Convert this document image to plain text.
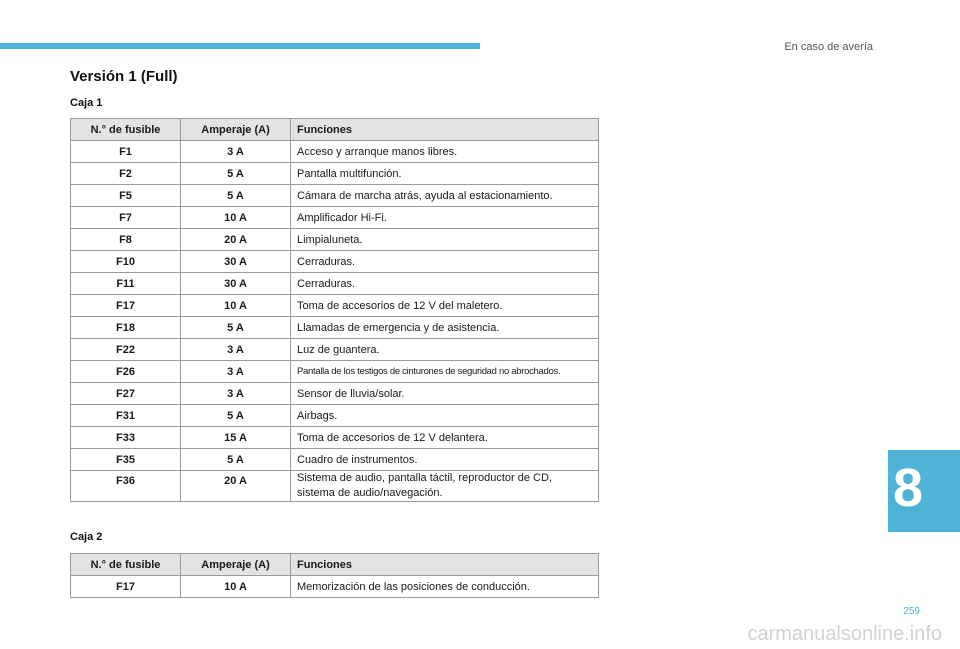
En caso de avería
Versión 1 (Full)
Caja 1
N.° de fusible	Amperaje (A)	Funciones
F1	3 A	Acceso y arranque manos libres.
F2	5 A	Pantalla multifunción.
F5	5 A	Cámara de marcha atrás, ayuda al estacionamiento.
F7	10 A	Amplificador Hi-Fi.
F8	20 A	Limpialuneta.
F10	30 A	Cerraduras.
F11	30 A	Cerraduras.
F17	10 A	Toma de accesorios de 12 V del maletero.
F18	5 A	Llamadas de emergencia y de asistencia.
F22	3 A	Luz de guantera.
F26	3 A	Pantalla de los testigos de cinturones de seguridad no abrochados.
F27	3 A	Sensor de lluvia/solar.
F31	5 A	Airbags.
F33	15 A	Toma de accesorios de 12 V delantera.
F35	5 A	Cuadro de instrumentos.
F36	20 A	Sistema de audio, pantalla táctil, reproductor de CD, sistema de audio/navegación.
Caja 2
N.° de fusible	Amperaje (A)	Funciones
F17	10 A	Memorización de las posiciones de conducción.
8
259
carmanualsonline.info
